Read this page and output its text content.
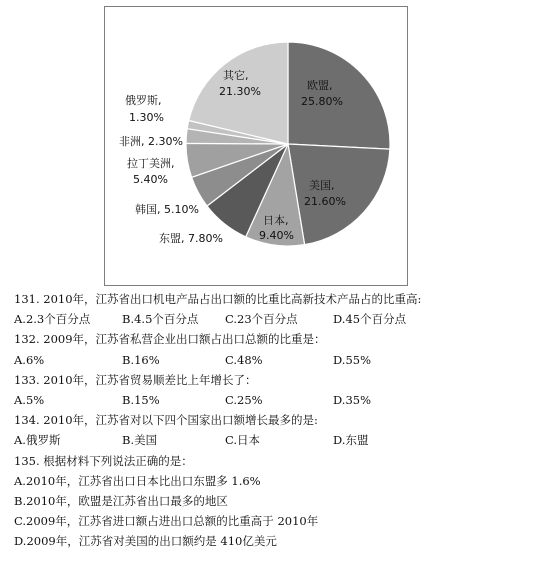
欧盟,
25.80%
美国,
21.60%
日本,
9.40%
东盟, 7.80%
韩国, 5.10%
拉丁美洲,
5.40%
非洲, 2.30%
俄罗斯,
1.30%
其它,
21.30%
131. 2010年，江苏省出口机电产品占出口额的比重比高新技术产品占的比重高:
A.2.3个百分点	B.4.5个百分点	C.23个百分点	D.45个百分点
132. 2009年，江苏省私营企业出口额占出口总额的比重是：
A.6%	B.16%	C.48%	D.55%
133. 2010年，江苏省贸易顺差比上年增长了：
A.5%	B.15%	C.25%	D.35%
134. 2010年，江苏省对以下四个国家出口额增长最多的是:
A.俄罗斯	B.美国	C.日本	D.东盟
135. 根据材料下列说法正确的是：
A.2010年，江苏省出口日本比出口东盟多 1.6%
B.2010年，欧盟是江苏省出口最多的地区
C.2009年，江苏省进口额占进出口总额的比重高于 2010年
D.2009年，江苏省对美国的出口额约是 410亿美元
